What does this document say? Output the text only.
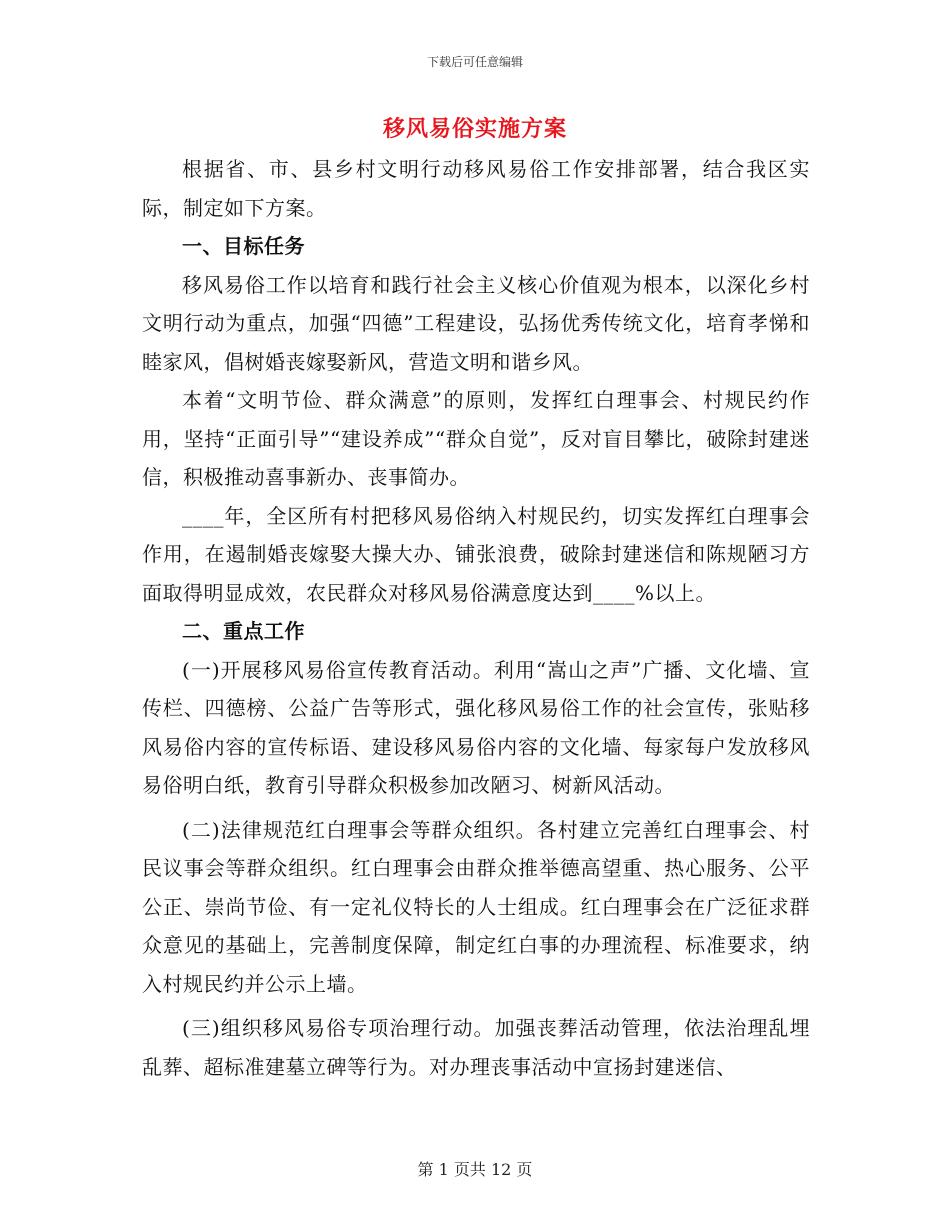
下载后可任意编辑
移风易俗实施方案

根据省、市、县乡村文明行动移风易俗工作安排部署，结合我区实际，制定如下方案。

一、目标任务

移风易俗工作以培育和践行社会主义核心价值观为根本，以深化乡村文明行动为重点，加强“四德”工程建设，弘扬优秀传统文化，培育孝悌和睦家风，倡树婚丧嫁娶新风，营造文明和谐乡风。

本着“文明节俭、群众满意”的原则，发挥红白理事会、村规民约作用，坚持“正面引导”“建设养成”“群众自觉”，反对盲目攀比，破除封建迷信，积极推动喜事新办、丧事简办。

____年，全区所有村把移风易俗纳入村规民约，切实发挥红白理事会作用，在遏制婚丧嫁娶大操大办、铺张浪费，破除封建迷信和陈规陋习方面取得明显成效，农民群众对移风易俗满意度达到____%以上。

二、重点工作

(一)开展移风易俗宣传教育活动。利用“嵩山之声”广播、文化墙、宣传栏、四德榜、公益广告等形式，强化移风易俗工作的社会宣传，张贴移风易俗内容的宣传标语、建设移风易俗内容的文化墙、每家每户发放移风易俗明白纸，教育引导群众积极参加改陋习、树新风活动。

(二)法律规范红白理事会等群众组织。各村建立完善红白理事会、村民议事会等群众组织。红白理事会由群众推举德高望重、热心服务、公平公正、崇尚节俭、有一定礼仪特长的人士组成。红白理事会在广泛征求群众意见的基础上，完善制度保障，制定红白事的办理流程、标准要求，纳入村规民约并公示上墙。

(三)组织移风易俗专项治理行动。加强丧葬活动管理，依法治理乱埋乱葬、超标准建墓立碑等行为。对办理丧事活动中宣扬封建迷信、

第 1 页共 12 页
